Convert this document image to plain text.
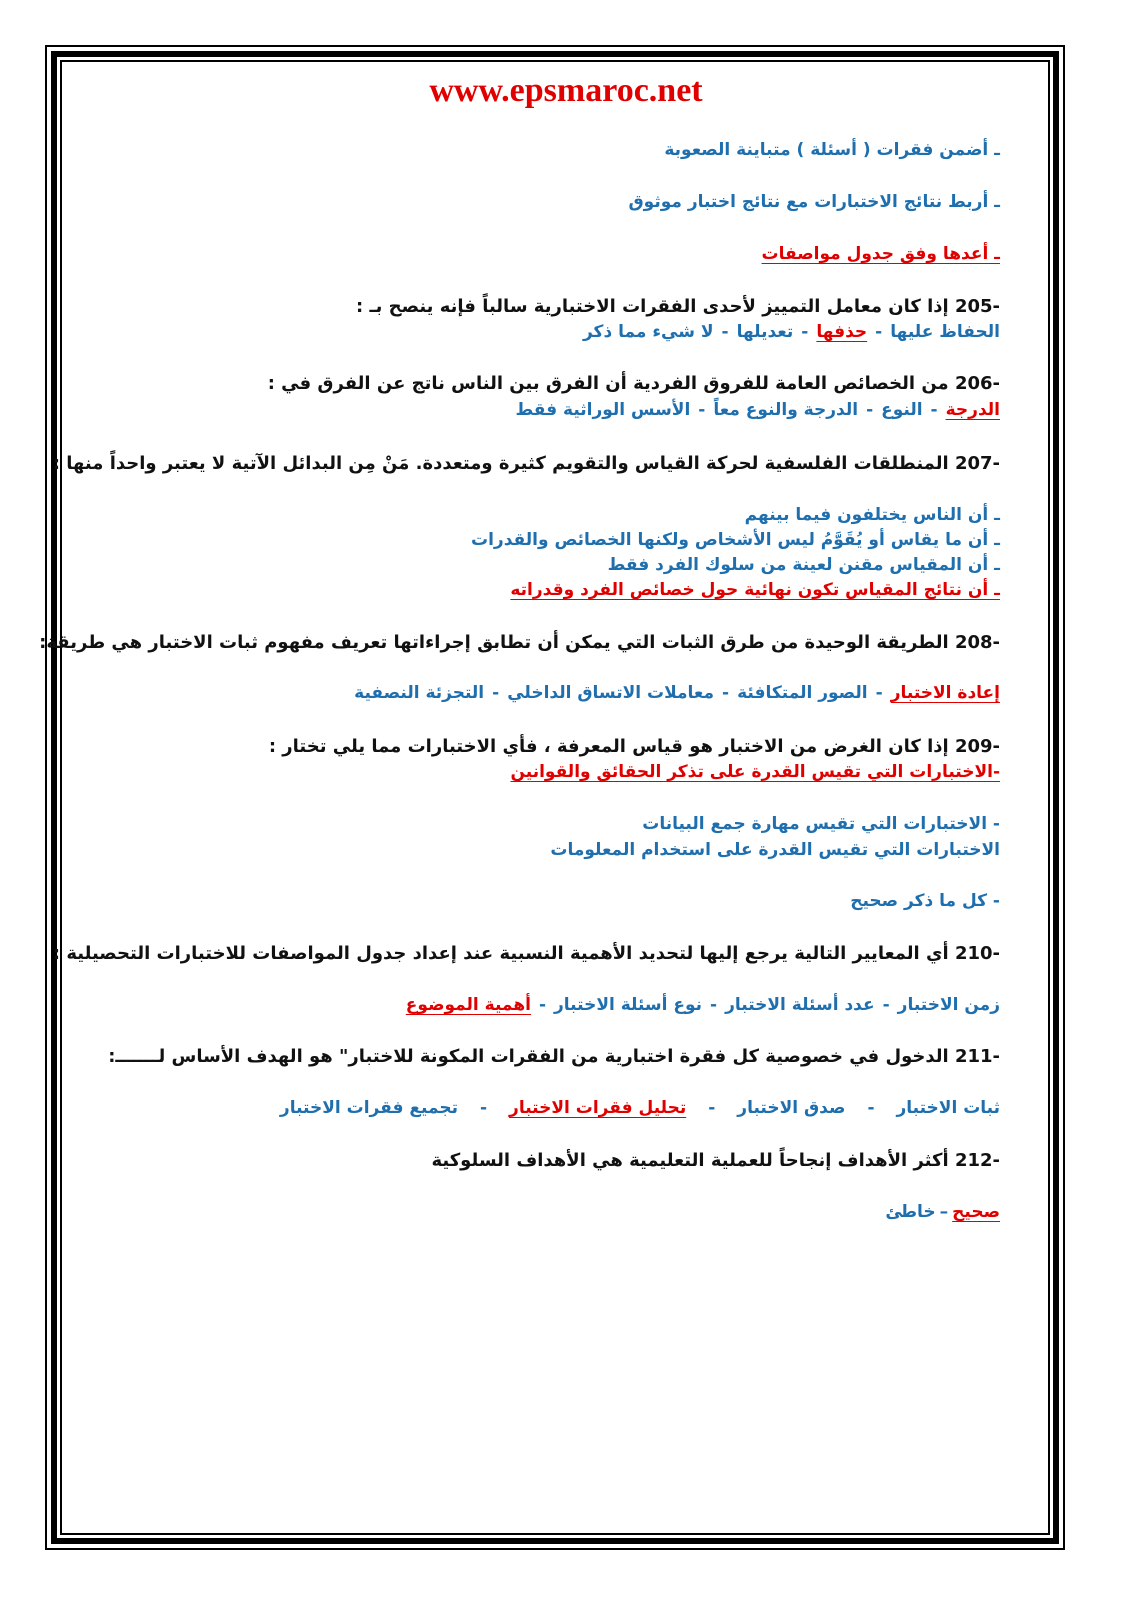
www.epsmaroc.net
ـ أضمن فقرات ( أسئلة ) متباينة الصعوبة
ـ أربط نتائج الاختبارات مع نتائج اختبار موثوق
ـ أعدها وفق جدول مواصفات
205- إذا كان معامل التمييز لأحدى الفقرات الاختبارية سالباً فإنه ينصح بـ :
الحفاظ عليها-حذفها-تعديلها-لا شيء مما ذكر
206- من الخصائص العامة للفروق الفردية أن الفرق بين الناس ناتج عن الفرق في :
الدرجة-النوع-الدرجة والنوع معاً-الأسس الوراثية فقط
207- المنطلقات الفلسفية لحركة القياس والتقويم كثيرة ومتعددة. مَنْ مِن البدائل الآتية لا يعتبر واحداً منها :
ـ أن الناس يختلفون فيما بينهم
ـ أن ما يقاس أو يُقَوَّمُ ليس الأشخاص ولكنها الخصائص والقدرات
ـ أن المقياس مقنن لعينة من سلوك الفرد فقط
ـ أن نتائج المقياس تكون نهائية حول خصائص الفرد وقدراته
208- الطريقة الوحيدة من طرق الثبات التي يمكن أن تطابق إجراءاتها تعريف مفهوم ثبات الاختبار هي طريقة:
إعادة الاختبار-الصور المتكافئة-معاملات الاتساق الداخلي-التجزئة النصفية
209- إذا كان الغرض من الاختبار هو قياس المعرفة ، فأي الاختبارات مما يلي تختار :
-الاختبارات التي تقيس القدرة على تذكر الحقائق والقوانين
- الاختبارات التي تقيس مهارة جمع البيانات
الاختبارات التي تقيس القدرة على استخدام المعلومات
- كل ما ذكر صحيح
210- أي المعايير التالية يرجع إليها لتحديد الأهمية النسبية عند إعداد جدول المواصفات للاختبارات التحصيلية :
زمن الاختبار-عدد أسئلة الاختبار-نوع أسئلة الاختبار-أهمية الموضوع
211- الدخول في خصوصية كل فقرة اختبارية من الفقرات المكونة للاختبار" هو الهدف الأساس لـــــــ:
ثبات الاختبار-صدق الاختبار-تحليل فقرات الاختبار-تجميع فقرات الاختبار
212- أكثر الأهداف إنجاحاً للعملية التعليمية هي الأهداف السلوكية
صحيح–خاطئ
